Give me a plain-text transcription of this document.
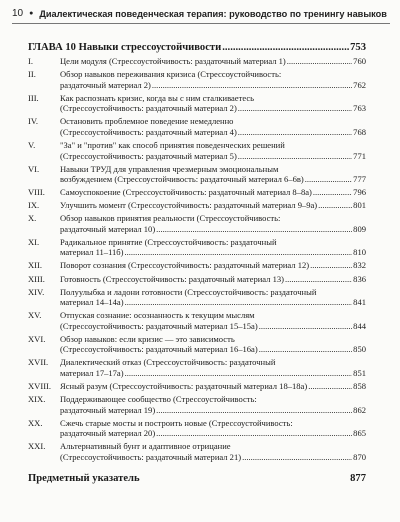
10 ● Диалектическая поведенческая терапия: руководство по тренингу навыков
ГЛАВА 10 Навыки стрессоустойчивости .....	753
I.	Цели модуля (Стрессоустойчивость: раздаточный материал 1) .....	760
II.	Обзор навыков переживания кризиса (Стрессоустойчивость:
раздаточный материал 2) .....	762
III.	Как распознать кризис, когда вы с ним сталкиваетесь
(Стрессоустойчивость: раздаточный материал 2) .....	763
IV.	Остановить проблемное поведение немедленно
(Стрессоустойчивость: раздаточный материал 4) .....	768
V.	"За" и "против" как способ принятия поведенческих решений
(Стрессоустойчивость: раздаточный материал 5) .....	771
VI.	Навыки ТРУД для управления чрезмерным эмоциональным
возбуждением (Стрессоустойчивость: раздаточный материал 6–6в) .....	777
VIII.	Самоуспокоение (Стрессоустойчивость: раздаточный материал 8–8а) .....	796
IX.	Улучшить момент (Стрессоустойчивость: раздаточный материал 9–9а) .....	801
X.	Обзор навыков принятия реальности (Стрессоустойчивость:
раздаточный материал 10) .....	809
XI.	Радикальное принятие (Стрессоустойчивость: раздаточный
материал 11–11б) .....	810
XII.	Поворот сознания (Стрессоустойчивость: раздаточный материал 12) .....	832
XIII.	Готовность (Стрессоустойчивость: раздаточный материал 13) .....	836
XIV.	Полуулыбка и ладони готовности (Стрессоустойчивость: раздаточный
материал 14–14а) .....	841
XV.	Отпуская сознание: осознанность к текущим мыслям
(Стрессоустойчивость: раздаточный материал 15–15а) .....	844
XVI.	Обзор навыков: если кризис — это зависимость
(Стрессоустойчивость: раздаточный материал 16–16а) .....	850
XVII.	Диалектический отказ (Стрессоустойчивость: раздаточный
материал 17–17а) .....	851
XVIII.	Ясный разум (Стрессоустойчивость: раздаточный материал 18–18а) .....	858
XIX.	Поддерживающее сообщество (Стрессоустойчивость:
раздаточный материал 19) .....	862
XX.	Сжечь старые мосты и построить новые (Стрессоустойчивость:
раздаточный материал 20) .....	865
XXI.	Альтернативный бунт и адаптивное отрицание
(Стрессоустойчивость: раздаточный материал 21) .....	870
Предметный указатель	877
